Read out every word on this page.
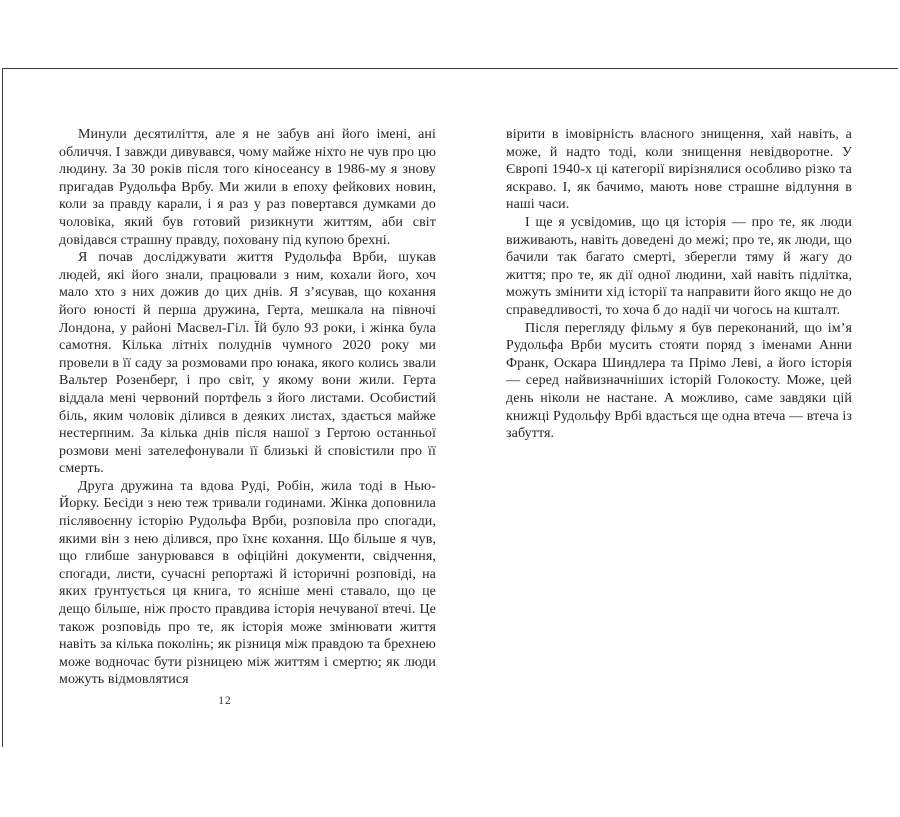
Минули десятиліття, але я не забув ані його імені, ані обличчя. І завжди дивувався, чому майже ніхто не чув про цю людину. За 30 років після того кіносеансу в 1986-му я знову пригадав Рудольфа Врбу. Ми жили в епоху фейкових новин, коли за правду карали, і я раз у раз повертався думками до чоловіка, який був готовий ризикнути життям, аби світ довідався страшну правду, поховану під купою брехні.

Я почав досліджувати життя Рудольфа Врби, шукав людей, які його знали, працювали з ним, кохали його, хоч мало хто з них дожив до цих днів. Я з’ясував, що кохання його юності й перша дружина, Герта, мешкала на півночі Лондона, у районі Масвел-Гіл. Їй було 93 роки, і жінка була самотня. Кілька літніх полуднів чумного 2020 року ми провели в її саду за розмовами про юнака, якого колись звали Вальтер Розенберг, і про світ, у якому вони жили. Герта віддала мені червоний портфель з його листами. Особистий біль, яким чоловік ділився в деяких листах, здається майже нестерпним. За кілька днів після нашої з Гертою останньої розмови мені зателефонували її близькі й сповістили про її смерть.

Друга дружина та вдова Руді, Робін, жила тоді в Нью-Йорку. Бесіди з нею теж тривали годинами. Жінка доповнила післявоєнну історію Рудольфа Врби, розповіла про спогади, якими він з нею ділився, про їхнє кохання. Що більше я чув, що глибше занурювався в офіційні документи, свідчення, спогади, листи, сучасні репортажі й історичні розповіді, на яких ґрунтується ця книга, то ясніше мені ставало, що це дещо більше, ніж просто правдива історія нечуваної втечі. Це також розповідь про те, як історія може змінювати життя навіть за кілька поколінь; як різниця між правдою та брехнею може водночас бути різницею між життям і смертю; як люди можуть відмовлятися

вірити в імовірність власного знищення, хай навіть, а може, й надто тоді, коли знищення невідворотне. У Європі 1940-х ці категорії вирізнялися особливо різко та яскраво. І, як бачимо, мають нове страшне відлуння в наші часи.

І ще я усвідомив, що ця історія — про те, як люди виживають, навіть доведені до межі; про те, як люди, що бачили так багато смерті, зберегли тяму й жагу до життя; про те, як дії одної людини, хай навіть підлітка, можуть змінити хід історії та направити його якщо не до справедливості, то хоча б до надії чи чогось на кшталт.

Після перегляду фільму я був переконаний, що ім’я Рудольфа Врби мусить стояти поряд з іменами Анни Франк, Оскара Шиндлера та Прімо Леві, а його історія — серед найвизначніших історій Голокосту. Може, цей день ніколи не настане. А можливо, саме завдяки цій книжці Рудольфу Врбі вдасться ще одна втеча — втеча із забуття.

12
